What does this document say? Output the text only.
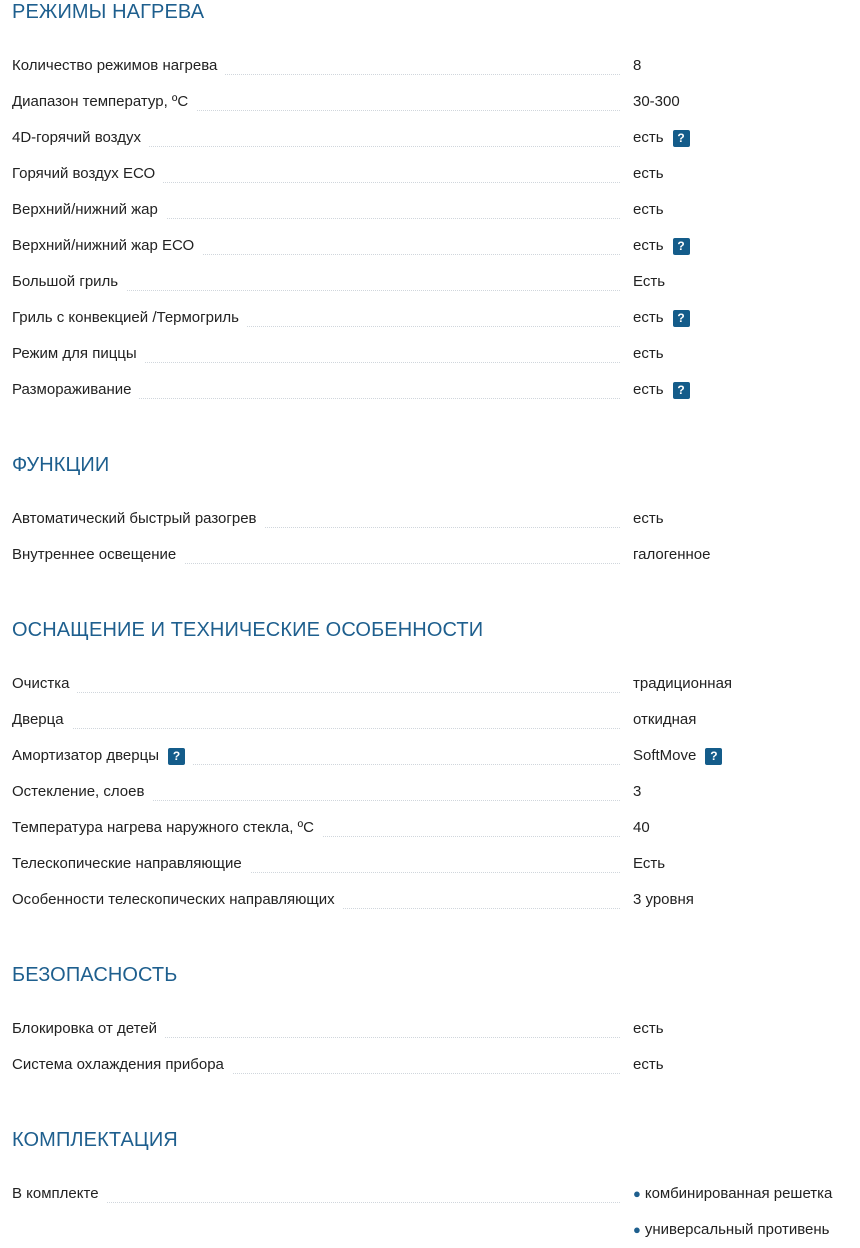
РЕЖИМЫ НАГРЕВА
Количество режимов нагрева	8
Диапазон температур, ºС	30-300
4D-горячий воздух	есть	?
Горячий воздух ЕСО	есть
Верхний/нижний жар	есть
Верхний/нижний жар ЕСО	есть	?
Большой гриль	Есть
Гриль с конвекцией /Термогриль	есть	?
Режим для пиццы	есть
Размораживание	есть	?
ФУНКЦИИ
Автоматический быстрый разогрев	есть
Внутреннее освещение	галогенное
ОСНАЩЕНИЕ И ТЕХНИЧЕСКИЕ ОСОБЕННОСТИ
Очистка	традиционная
Дверца	откидная
Амортизатор дверцы	?	SoftMove	?
Остекление, слоев	3
Температура нагрева наружного стекла, ºС	40
Телескопические направляющие	Есть
Особенности телескопических направляющих	3 уровня
БЕЗОПАСНОСТЬ
Блокировка от детей	есть
Система охлаждения прибора	есть
КОМПЛЕКТАЦИЯ
В комплекте	● комбинированная решетка
● универсальный противень
